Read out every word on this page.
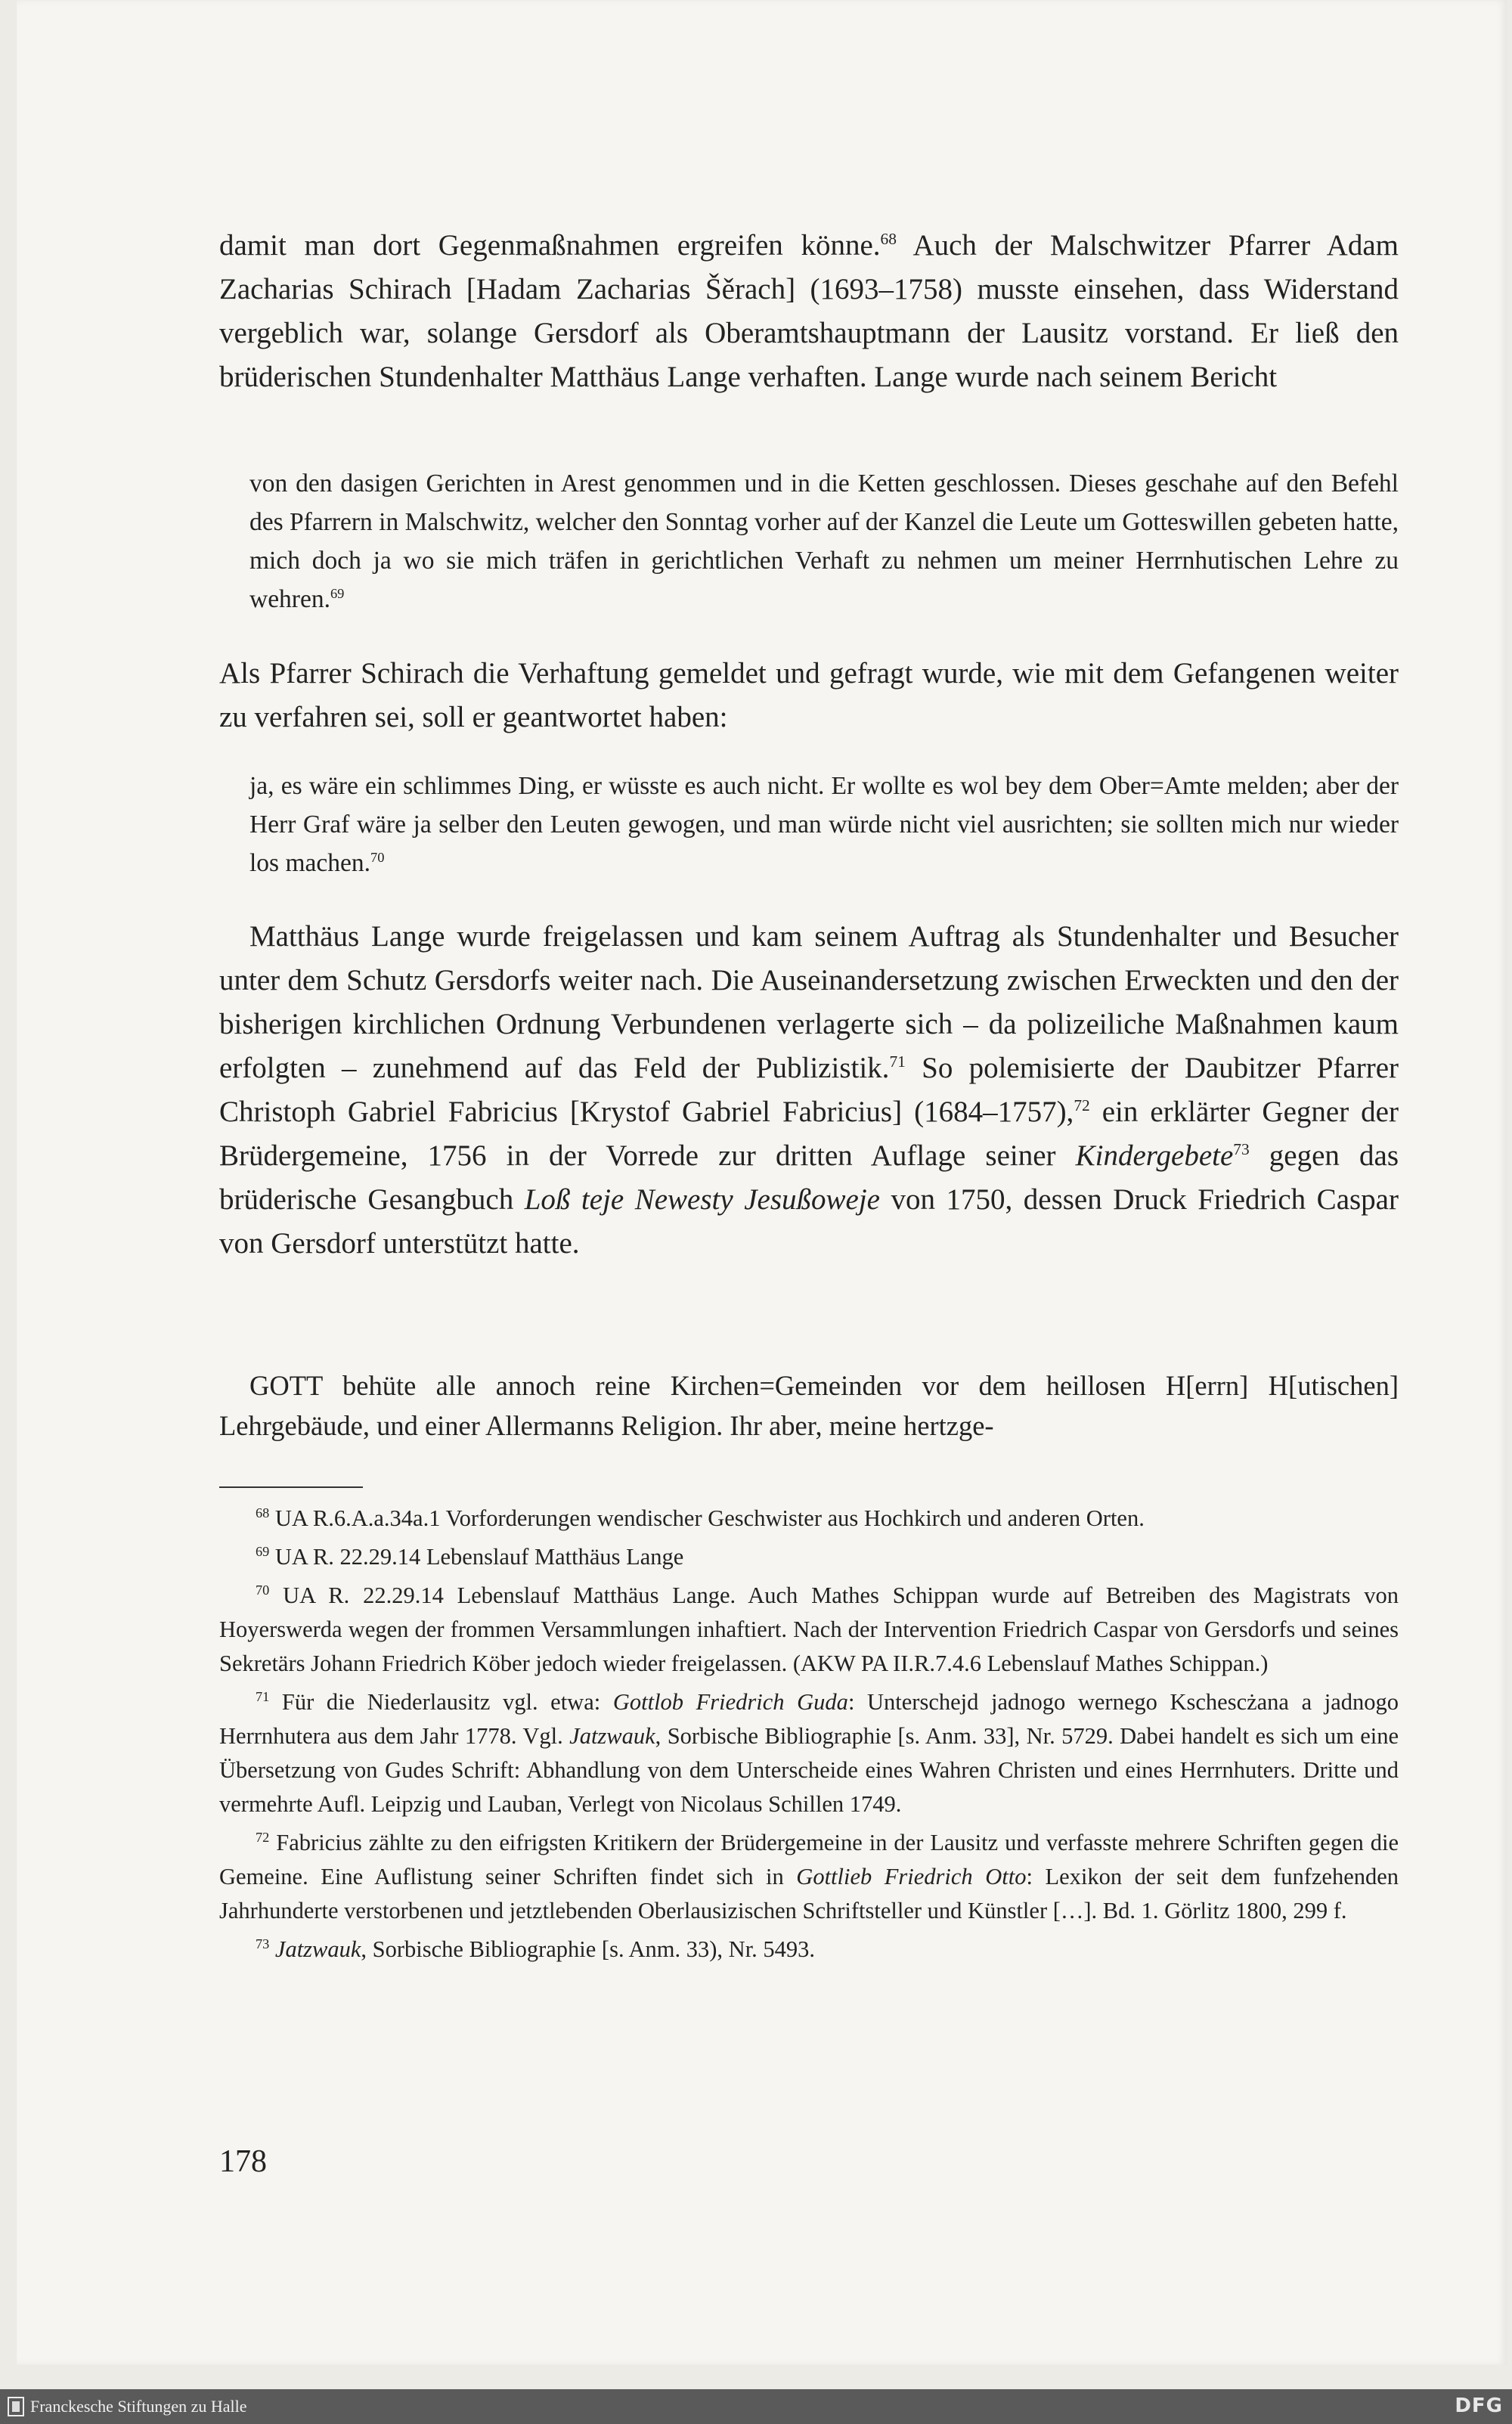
damit man dort Gegenmaßnahmen ergreifen könne.$^{68}$ Auch der Malschwitzer Pfarrer Adam Zacharias Schirach [Hadam Zacharias Šěrach] (1693–1758) musste einsehen, dass Widerstand vergeblich war, solange Gersdorf als Oberamtshauptmann der Lausitz vorstand. Er ließ den brüderischen Stundenhalter Matthäus Lange verhaften. Lange wurde nach seinem Bericht

von den dasigen Gerichten in Arest genommen und in die Ketten geschlossen. Dieses geschahe auf den Befehl des Pfarrern in Malschwitz, welcher den Sonntag vorher auf der Kanzel die Leute um Gotteswillen gebeten hatte, mich doch ja wo sie mich träfen in gerichtlichen Verhaft zu nehmen um meiner Herrnhutischen Lehre zu wehren.$^{69}$

Als Pfarrer Schirach die Verhaftung gemeldet und gefragt wurde, wie mit dem Gefangenen weiter zu verfahren sei, soll er geantwortet haben:

ja, es wäre ein schlimmes Ding, er wüsste es auch nicht. Er wollte es wol bey dem Ober=Amte melden; aber der Herr Graf wäre ja selber den Leuten gewogen, und man würde nicht viel ausrichten; sie sollten mich nur wieder los machen.$^{70}$

Matthäus Lange wurde freigelassen und kam seinem Auftrag als Stundenhalter und Besucher unter dem Schutz Gersdorfs weiter nach. Die Auseinandersetzung zwischen Erweckten und den der bisherigen kirchlichen Ordnung Verbundenen verlagerte sich – da polizeiliche Maßnahmen kaum erfolgten – zunehmend auf das Feld der Publizistik.$^{71}$ So polemisierte der Daubitzer Pfarrer Christoph Gabriel Fabricius [Krystof Gabriel Fabricius] (1684–1757),$^{72}$ ein erklärter Gegner der Brüdergemeine, 1756 in der Vorrede zur dritten Auflage seiner Kindergebete$^{73}$ gegen das brüderische Gesangbuch Loß teje Newesty Jesußoweje von 1750, dessen Druck Friedrich Caspar von Gersdorf unterstützt hatte.

GOTT behüte alle annoch reine Kirchen=Gemeinden vor dem heillosen H[errn] H[utischen] Lehrgebäude, und einer Allermanns Religion. Ihr aber, meine hertzge-

$^{68}$ UA R.6.A.a.34a.1 Vorforderungen wendischer Geschwister aus Hochkirch und anderen Orten.

$^{69}$ UA R. 22.29.14 Lebenslauf Matthäus Lange

$^{70}$ UA R. 22.29.14 Lebenslauf Matthäus Lange. Auch Mathes Schippan wurde auf Betreiben des Magistrats von Hoyerswerda wegen der frommen Versammlungen inhaftiert. Nach der Intervention Friedrich Caspar von Gersdorfs und seines Sekretärs Johann Friedrich Köber jedoch wieder freigelassen. (AKW PA II.R.7.4.6 Lebenslauf Mathes Schippan.)

$^{71}$ Für die Niederlausitz vgl. etwa: Gottlob Friedrich Guda: Unterschejd jadnogo wernego Kschescżana a jadnogo Herrnhutera aus dem Jahr 1778. Vgl. Jatzwauk, Sorbische Bibliographie [s. Anm. 33], Nr. 5729. Dabei handelt es sich um eine Übersetzung von Gudes Schrift: Abhandlung von dem Unterscheide eines Wahren Christen und eines Herrnhuters. Dritte und vermehrte Aufl. Leipzig und Lauban, Verlegt von Nicolaus Schillen 1749.

$^{72}$ Fabricius zählte zu den eifrigsten Kritikern der Brüdergemeine in der Lausitz und verfasste mehrere Schriften gegen die Gemeine. Eine Auflistung seiner Schriften findet sich in Gottlieb Friedrich Otto: Lexikon der seit dem funfzehenden Jahrhunderte verstorbenen und jetztlebenden Oberlausizischen Schriftsteller und Künstler […]. Bd. 1. Görlitz 1800, 299 f.

$^{73}$ Jatzwauk, Sorbische Bibliographie [s. Anm. 33), Nr. 5493.

178
Franckesche Stiftungen zu Halle	DFG
